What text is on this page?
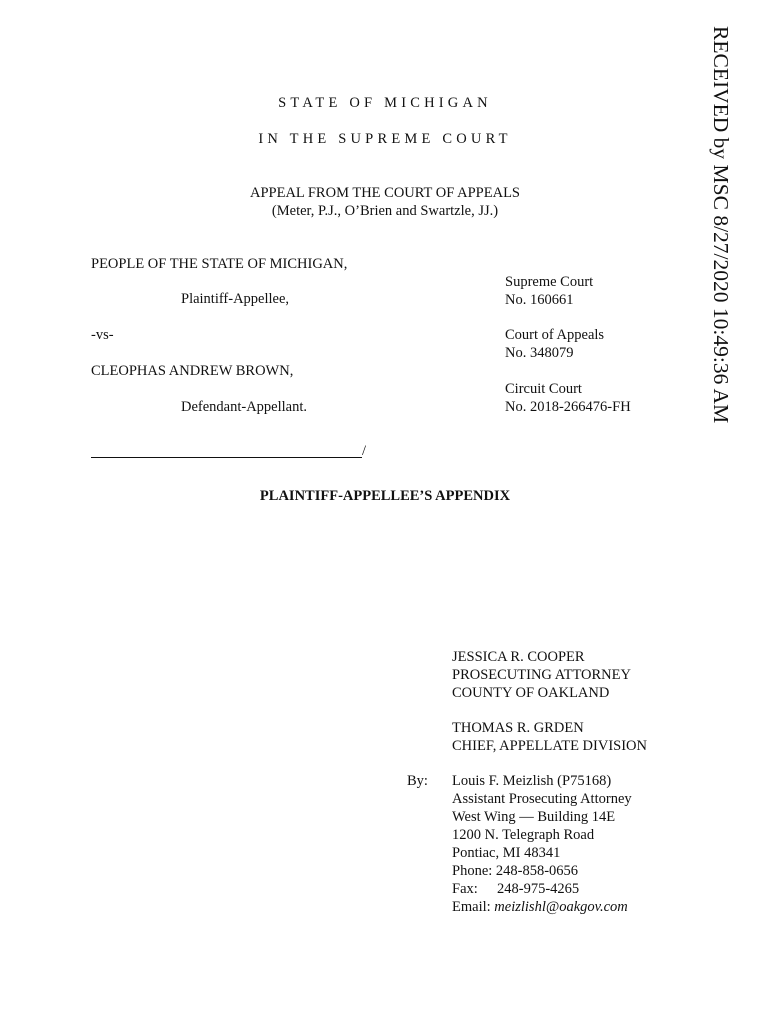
RECEIVED by MSC 8/27/2020 10:49:36 AM
STATE OF MICHIGAN
IN THE SUPREME COURT
APPEAL FROM THE COURT OF APPEALS
(Meter, P.J., O’Brien and Swartzle, JJ.)
PEOPLE OF THE STATE OF MICHIGAN,
Plaintiff-Appellee,
-vs-
CLEOPHAS ANDREW BROWN,
Defendant-Appellant.
Supreme Court
No. 160661
Court of Appeals
No. 348079
Circuit Court
No. 2018-266476-FH
/
PLAINTIFF-APPELLEE’S APPENDIX
JESSICA R. COOPER
PROSECUTING ATTORNEY
COUNTY OF OAKLAND
THOMAS R. GRDEN
CHIEF, APPELLATE DIVISION
By: Louis F. Meizlish (P75168)
Assistant Prosecuting Attorney
West Wing — Building 14E
1200 N. Telegraph Road
Pontiac, MI 48341
Phone: 248-858-0656
Fax: 248-975-4265
Email: meizlishl@oakgov.com
